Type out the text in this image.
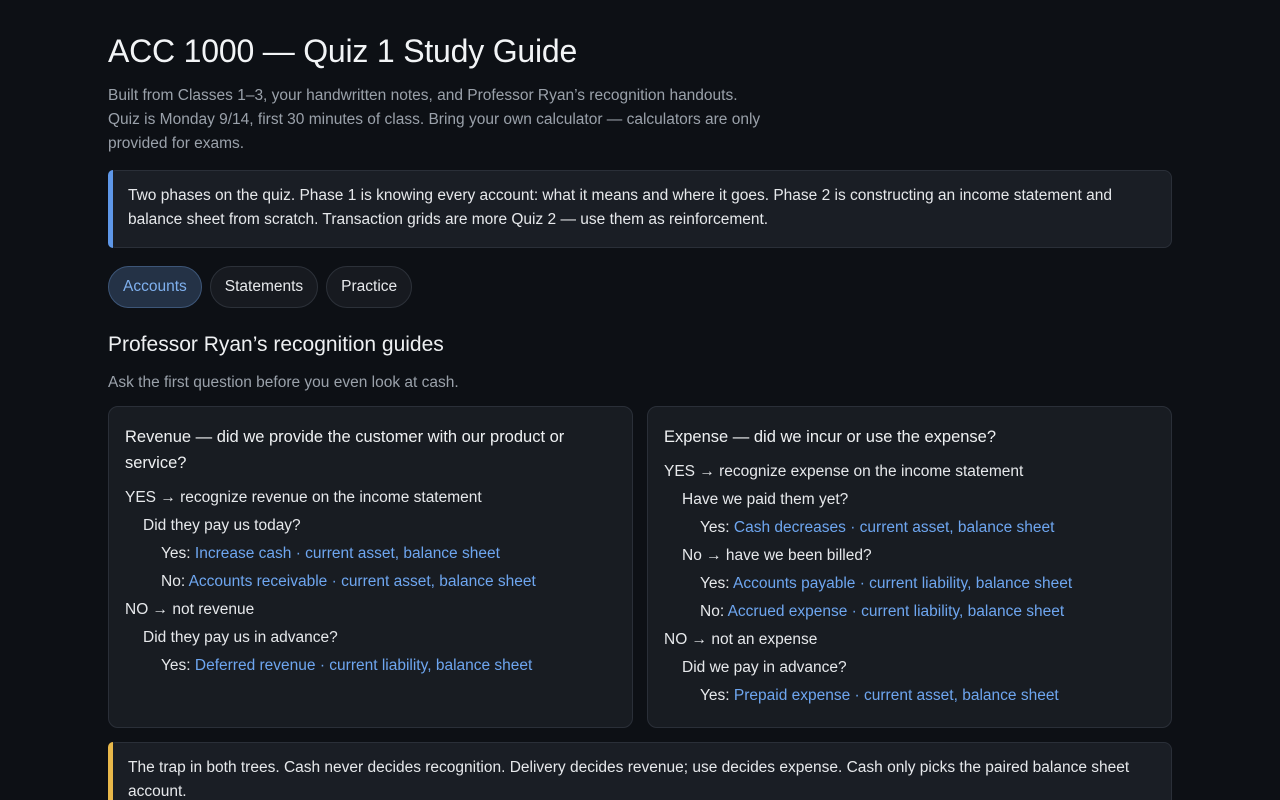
ACC 1000 — Quiz 1 Study Guide

Built from Classes 1–3, your handwritten notes, and Professor Ryan’s recognition handouts. Quiz is Monday 9/14, first 30 minutes of class. Bring your own calculator — calculators are only provided for exams.

Two phases on the quiz. Phase 1 is knowing every account: what it means and where it goes. Phase 2 is constructing an income statement and balance sheet from scratch. Transaction grids are more Quiz 2 — use them as reinforcement.
Accounts	Statements	Practice
Professor Ryan’s recognition guides

Ask the first question before you even look at cash.

Revenue — did we provide the customer with our product or service?
YES → recognize revenue on the income statement
Did they pay us today?
Yes: Increase cash · current asset, balance sheet
No: Accounts receivable · current asset, balance sheet
NO → not revenue
Did they pay us in advance?
Yes: Deferred revenue · current liability, balance sheet
Expense — did we incur or use the expense?
YES → recognize expense on the income statement
Have we paid them yet?
Yes: Cash decreases · current asset, balance sheet
No → have we been billed?
Yes: Accounts payable · current liability, balance sheet
No: Accrued expense · current liability, balance sheet
NO → not an expense
Did we pay in advance?
Yes: Prepaid expense · current asset, balance sheet
The trap in both trees. Cash never decides recognition. Delivery decides revenue; use decides expense. Cash only picks the paired balance sheet account.
